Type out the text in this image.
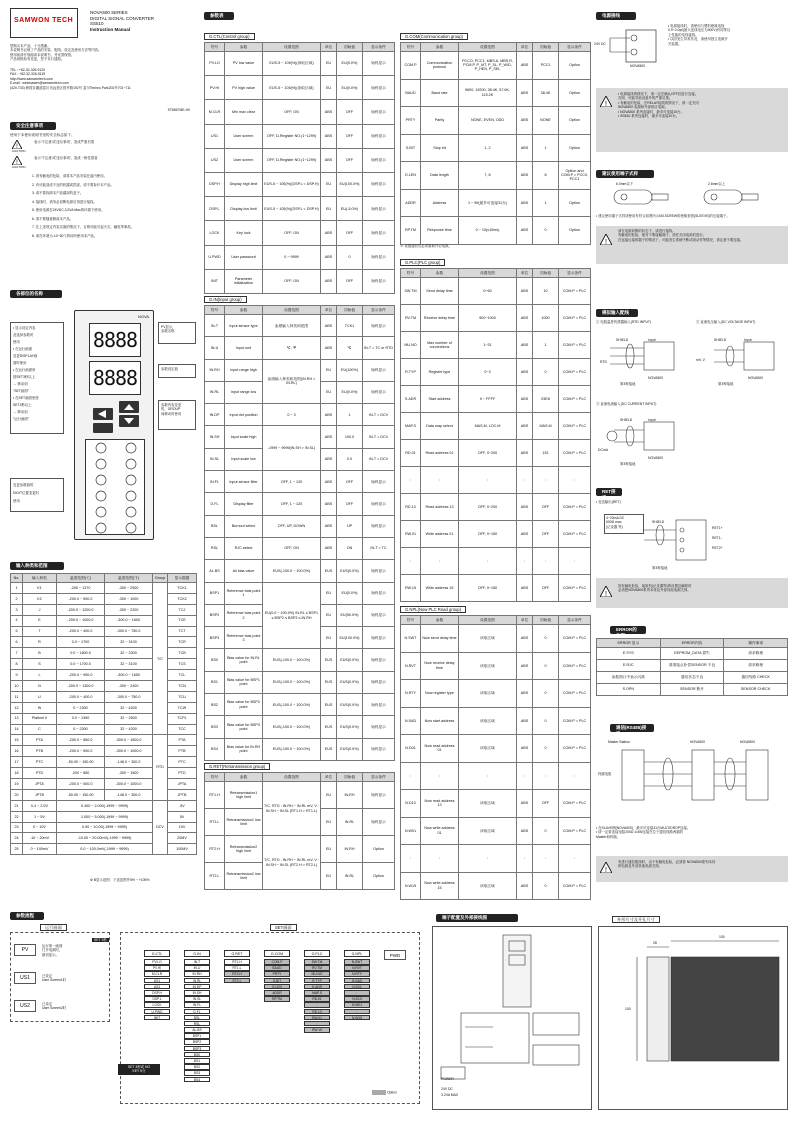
SAMWON TECH
NOVA500 SERIES
DIGITAL SIGNAL CONVERTER
SS510
Instruction Manual
您购买本产品，十分感谢。
本说明书记载了产品的安装、配线、设定及使用方法等内容。
使用前请仔细阅读本说明书，并妥善保管。
产品规格如有变更，恕不另行通知。
TEL : +82-32-326-9120
FAX : +82-32-326-9119
http://www.samwontech.com
E-mail : webmaster@samwontech.com
(420-733) 韩国京畿道富川市远美区梧亭路192号 富川Techno Park202号701~711
ST6567ME-H0
安全注意事项
使用于本使用说明书里的安全标志如下。
!
CAUTION
表示'不注意'或'违反事项'，造成严重后果
!
CAUTION
表示'不注意'或'违反事项'，造成一般性损害
1. 因有触电的危险，请将本产品安装在盘内使用。
2. 有可能造成不良的机器或损害，请不要拆开本产品。
3. 请不要拆卸本产品端部的盖子。
4. 接线时，请务必切断电源后再进行接线。
5. 使用电源在24VDC,3.2VA Max的环境下使用。
6. 请不要随意修改本产品。
7. 在上述规定内容实施的情况下，否则可能引起火灾、触电等事故。
8. 请在环境为-10~50℃的场所使用本产品。
各部位的名称
• 显示设定内容
及选择参数时
使用
• 在运行画面
变更DISPLAY画
面时使用
• 在运行画面里
按SET3秒以上
→ 移动到
"SET画面"
• 在SET画面里按
SET3秒以上
→ 移动到
"运行画面"
变更参数值的
DIGIT位置变更时
使用
NOVA
8888
8888
PV显示，
参数名称
参数设定值
参数内容变更
时，GROUP
间移动时使用
输入种类和范围
No.	输入种类	温度范围(℃)	温度范围(℉)	Group	显示数据
1	K1	-200 ~ 1370	-300 ~ 2500	T/C	TCK1
2	K2	-200.0 ~ 500.0	-300 ~ 1000		TCK2
3	J	-200.0 ~ 1200.0	-300 ~ 2200		TCJ
4	E	-200.0 ~ 1000.0	-300.0 ~ 1800		TCE
5	T	-200.0 ~ 400.0	-300.0 ~ 750.0		TCT
6	R	0.0 ~ 1700	32 ~ 3100		TCR
7	B	0.0 ~ 1800.0	32 ~ 3300		TCB
8	S	0.0 ~ 1700.0	32 ~ 3100		TCS
9	L	-200.0 ~ 900.0	-300.0 ~ 1650		TCL
10	N	-200.0 ~ 1300.0	-300 ~ 2400		TCN
11	U	-200.0 ~ 400.0	-300.0 ~ 750.0		TCU
12	W	0 ~ 2300	32 ~ 4200		TCW
13	Platinel II	0.0 ~ 1390	32 ~ 2500		TCPL
14	C	0 ~ 2300	32 ~ 4200		TCC
15	PTA	-200.0 ~ 850.0	-300.0 ~ 1500.0	RTD	PTA
16	PTB	-200.0 ~ 500.0	-300.0 ~ 1000.0		PTB
17	PTC	-50.00 ~ 150.00	-148.0 ~ 300.0		PTC
18	PTD	-200 ~ 850	-300 ~ 1500		PTD
19	JPTA	-200.0 ~ 500.0	-300.0 ~ 1000.0		JPTA
20	JPTB	-50.00 ~ 150.00	-148.0 ~ 300.0		JPTB
21	0.4 ~ 2.0V	0.400 ~ 2.000(-1999 ~ 9999)		DCV	.5V
22	1 ~ 5V	1.000 ~ 5.000(-1999 ~ 9999)			5V
23	0 ~ 10V	0.00 ~ 10.00(-1999 ~ 9999)			10V
24	-10 ~ 20mV	-10.00 ~ 20.00mV(-1999 ~ 9999)			20MV
25	0 ~ 100mV	0.0 ~ 100.0mV(-1999 ~ 9999)			100MV
※ B显示范围：下述范围外5% ~ +105%
参数表
G.CTL(Control group)
符号	参数	设置范围	单位	初始值	显示条件
PV.LO	PV low value	EUS-5 ~ 105(%)(读取区域)	EU	EU(0.0%)	始终显示
PV.HI	PV high value	EUS-5 ~ 105(%)(读取区域)	EU	EU(0.0%)	始终显示
M.CLR	Min max clear	OFF, ON	ABS	OFF	始终显示
US1	User screen	OFF, D-Register NO.(1~1299)	ABS	OFF	始终显示
US2	User screen	OFF, D-Register NO.(1~1299)	ABS	OFF	始终显示
DSP.H	Display high limit	EUS-5 ~ 105(%)(DSP.L < DSP.H)	EU	EU(100.0%)	始终显示
DSP.L	Display low limit	EUS-5 ~ 105(%)(DSP.L < DSP.H)	EU	EU(-5.0%)	始终显示
LOCK	Key lock	OFF, ON	ABS	OFF	始终显示
U.PWD	User password	0 ~ 9999	ABS	0	始终显示
INIT	Parameter initialization	OFF, ON	ABS	OFF	始终显示
G.IN(Input group)
符号	参数	设置范围	单位	初始值	显示条件
IN-T	Input sensor type	参照输入种类和范围	ABS	TCK1	始终显示
IN-U	Input unit	℃, ℉	ABS	℃	IN-T = TC or RTD
IN.RH	Input range high	参照输入种类和范围(IN.RH > IN.RL)	EU	EU(100%)	始终显示
IN.RL	Input range low		EU	EU(0.0%)	始终显示
IN.DP	Input dot position	0 ~ 3	ABS	1	IN-T = DCV
IN.SH	Input scale high	-1999 ~ 9999(IN.SH > IN.SL)	ABS	100.0	IN-T = DCV
IN.SL	Input scale low		ABS	0.0	IN-T = DCV
IN.FL	Input sensor filter	OFF, 1 ~ 120	ABS	OFF	始终显示
D.FL	Display filter	OFF, 1 ~ 120	ABS	OFF	始终显示
BSL	Burnout select	OFF, UP, DOWN	ABS	UP	始终显示
RSL	RJC select	OFF, ON	ABS	ON	IN-T = TC
AL.BS	All bias value	EUS(-100.0 ~ 100.0%)	EUS	EUS(0.0%)	始终显示
BSP1	Reference bias point 1	EU(0.0 ~ 100.0%) IN.RL ≤ BSP1 ≤ BSP2 ≤ BSP3 ≤ IN.RH	EU	EU(0.0%)	始终显示
BSP2	Reference bias point 2		EU	EU(50.0%)	始终显示
BSP3	Reference bias point 3		EU	EU(100.0%)	始终显示
BS0	Bias value for IN.RL point	EUS(-100.0 ~ 100.0%)	EUS	EUS(0.0%)	始终显示
BS1	Bias value for BSP1 point	EUS(-100.0 ~ 100.0%)	EUS	EUS(0.0%)	始终显示
BS2	Bias value for BSP2 point	EUS(-100.0 ~ 100.0%)	EUS	EUS(0.0%)	始终显示
BS3	Bias value for BSP3 point	EUS(-100.0 ~ 100.0%)	EUS	EUS(0.0%)	始终显示
BS4	Bias value for IN.RH point	EUS(-100.0 ~ 100.0%)	EUS	EUS(0.0%)	始终显示
G.RET(Retransmission group)
符号	参数	设置范围	单位	初始值	显示条件
RT1.H	Retransmission1 high limit	T/C, RTD : IN.RH ~ IN.RL mV, V : IN.SH ~ IN.SL (RT1.H > RT1.L)	EU	IN.RH	始终显示
RT1.L	Retransmission1 low limit		EU	IN.RL	始终显示
RT2.H	Retransmission2 high limit	T/C, RTD : IN.RH ~ IN.RL mV, V : IN.SH ~ IN.SL (RT2.H > RT2.L)	EU	IN.RH	Option
RT2.L	Retransmission2 low limit		EU	IN.RL	Option
G.COM(Communication group)
符号	参数	设置范围	单位	初始值	显示条件
COM.P	Communication protocol	PCCO, PCC1, MBS.A, MBS.R, PCM.P, P_MT, P_SL, P_WID, P_HEN, P_SEL	ABS	PCC1	Option
BAUD	Baud rate	9600, 19200, 38.4K, 57.6K, 115.2K	ABS	38.4K	Option
PRTY	Parity	NONE, EVEN, ODD	ABS	NONE	Option
S.BIT	Stop bit	1, 2	ABS	1	Option
D.LEN	Data length	7, 8	ABS	8	Option and COM.P = PCC0, PCC1
ADDR	Address	1 ~ 99(最多可连接31台)	ABS	1	Option
RP.TM	Response time	0 ~ 10(x10ms)	ABS	0	Option
※ 设置通信后必须重新开启电源。
G.PLC(PLC group)
符号	参数	设置范围	单位	初始值	显示条件
SW.TM	Send delay time	0~60	ABS	10	COM.P = PLC
RV.TM	Receive delay time	500~1000	ABS	1000	COM.P = PLC
MU.NO	Max number of connections	1~31	ABS	1	COM.P = PLC
R.TYP	Register type	0~3	ABS	0	COM.P = PLC
S.ADR	Start address	0 ~ FFFF	ABS	03E8	COM.P = PLC
MAP.S	Data map select	MAS.M, LOC.M	ABS	MAS.M	COM.P = PLC
RD.01	Read address 01	OFF, 0~200	ABS	151	COM.P = PLC
:	:	:	:	:	:
RD.13	Read address 13	OFF, 0~200	ABS	OFF	COM.P = PLC
RW.01	Write address 01	OFF, 0~150	ABS	OFF	COM.P = PLC
:	:	:	:	:	:
RW.15	Write address 15	OFF, 0~150	ABS	OFF	COM.P = PLC
G.NPL(Now PLC Read group)
符号	参数	设置范围	单位	初始值	显示条件
N.SWT	Now send delay time	读取区域	ABS	0	COM.P = PLC
N.RVT	Now receive delay time	读取区域	ABS	0	COM.P = PLC
N.RTY	Now register type	读取区域	ABS	0	COM.P = PLC
N.SAD	Now start address	读取区域	ABS	0	COM.P = PLC
N.D01	Now read address 01	读取区域	ABS	0	COM.P = PLC
:	:	:	:	:	:
N.D13	Now read address 13	读取区域	ABS	OFF	COM.P = PLC
N.W01	Now write address 01	读取区域	ABS	0	COM.P = PLC
:	:	:	:	:	:
N.W15	Now write address 15	读取区域	ABS	0	COM.P = PLC
电源接线
24V DC
NOVA500
• 电源接线时，请使用与塑料绝缘电线
0.9~2.0㎟(最大连线电压为300V)有同等以
上性能的电线接线。
• 以防发生异常状况，请使用独立电源开
关装置。
!
• 电源接线的情况下，请一定在确认OFF后进行连接。
否则，可能导致设备外的严重后果。
• 有触电的危险，在RELAY接线的情况下，请一定关闭
NOVA500 电源和外部供应电源。
• NOVA500 系列连接时，最多可连接10台。
• SS510 系列连接时，最多可连接10台。
建议使用端子式样
6.0mm以下	2.6mm以上
• 建议使用端子式样请使用有符合如图所示M3.5CREW的绝缘套管(SLEEVE)的压接端子。
!
请在电源切断的状态下，请进行接线。
有触电的危险，绝对不要接触端子，请在关闭电源后进行。
在连接压接的端子的情况下，可能发生系统中断或误动作等情况，请注意不要连接。
模拟输入配线
① 电阻温度传感器输入(RTD INPUT)	② 直流电压输入(DC VOLTAGE INPUT)
RTD
SHIELD	Input
NOVA500
第3种接地
mV, V
SHIELD	Input
NOVA500
第3种接地
③ 直流电流输入(DC CURRENT INPUT)
DCmA
SHIELD	Input
NOVA500
第3种接地
RET接线
• 变送输出(RET)
4~20mA DC
600Ω max
(记录器 等)	RET1+
RET1-
RET2+
SHIELD
第3种接地
!
因有触电危险，接收机(记录器等)的设置及解除时
必须把NOVA500系列本体及外部其他电源关掉。
ERROR的处理
ERROR 显示	ERROR内容	操作事项
E.SYS	EEPROM_DATA 损失	请求修理
E.RJC	基准接点补偿SENSOR 不良	请求修理
参数窗口中表示闪烁	通信状态不良	通信线路 CHECK
S.OPN	SENSOR 断开	SENSOR CHECK
通信(RS485)接线
Master Station	NOVA500	NOVA500
终端电阻
• 在SLAVE侧(NOVA500)，最多可连接31台MULTIDROP连接。
• 请一定要连接电阻200Ω 1/4W连接在位于通信线路两端的
Master和终端。
!
有进行通信配线时，由于有触电危险，必须将 NOVA500系列本体
的电源及外部其他电源关掉。
参数流程
运行画面	SET画面
PV
运行第一画面
打开电源时，
最初显示。
US1	已设定
User Screen1时
US2	已设定
User Screen2时
SET 3秒
G.CTL
PV.LO
PV.HI
M.CLR
US1
US2
DSP.H
DSP.L
LOCK
U.PWD
INIT
G.IN
IN-T
IN-U
IN.RH
IN.RL
IN.DP
IN.SH
IN.SL
IN.FL
D.FL
BSL
RSL
AL.BS
BSP1
BSP2
BSP3
BS0
BS1
BS2
BS3
BS4
G.RET
RT1.H
RT1.L
RT2.H
RT2.L
G.COM
COM.P
BAUD
PRTY
S.BIT
D.LEN
ADDR
RP.TM
G.PLC
SW.TM
RV.TM
MU.NO
R.TYP
S.ADR
MAP.S
RD.01
:
RD.13
RW.01
:
RW.15
G.NPL
N.SWT
N.RVT
N.RTY
N.SAD
N.D01
:
N.D13
N.W01
:
N.W15
PWD
SET 3秒或 NO
KEY 5分
Option
端子配置及外部接线图
POWER
24V DC
3.2VA MAX
外形尺寸及开孔尺寸
28
100
100
